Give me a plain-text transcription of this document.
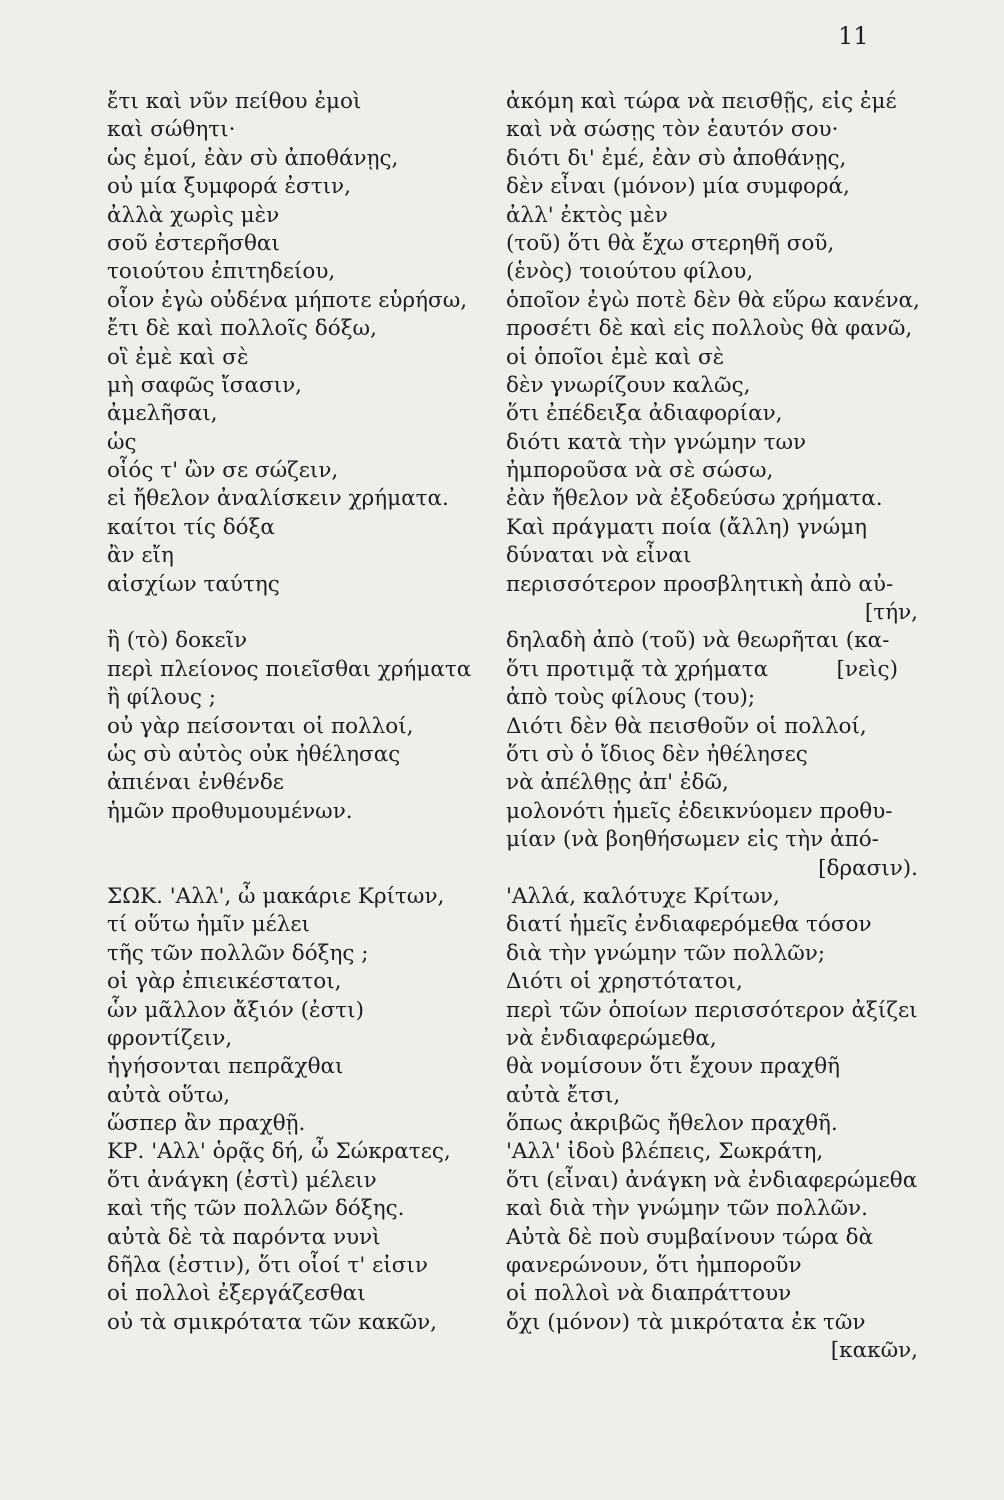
11
ἔτι καὶ νῦν πείθου ἐμοὶ
καὶ σώθητι·
ὡς ἐμοί, ἐὰν σὺ ἀποθάνῃς,
οὐ μία ξυμφορά ἐστιν,
ἀλλὰ χωρὶς μὲν
σοῦ ἐστερῆσθαι
τοιούτου ἐπιτηδείου,
οἷον ἐγὼ οὐδένα μήποτε εὑρήσω,
ἔτι δὲ καὶ πολλοῖς δόξω,
οἳ ἐμὲ καὶ σὲ
μὴ σαφῶς ἴσασιν,
ἀμελῆσαι,
ὡς
οἷός τ' ὢν σε σώζειν,
εἰ ἤθελον ἀναλίσκειν χρήματα.
καίτοι τίς δόξα
ἂν εἴη
αἰσχίων ταύτης
ἢ (τὸ) δοκεῖν
περὶ πλείονος ποιεῖσθαι χρήματα
ἢ φίλους ;
οὐ γὰρ πείσονται οἱ πολλοί,
ὡς σὺ αὐτὸς οὐκ ἠθέλησας
ἀπιέναι ἐνθένδε
ἡμῶν προθυμουμένων.
ΣΩΚ. 'Αλλ', ὦ μακάριε Κρίτων,
τί οὕτω ἡμῖν μέλει
τῆς τῶν πολλῶν δόξης ;
οἱ γὰρ ἐπιεικέστατοι,
ὧν μᾶλλον ἄξιόν (ἐστι)
φροντίζειν,
ἡγήσονται πεπρᾶχθαι
αὐτὰ οὕτω,
ὥσπερ ἂν πραχθῇ.
ΚΡ. 'Αλλ' ὁρᾷς δή, ὦ Σώκρατες,
ὅτι ἀνάγκη (ἐστὶ) μέλειν
καὶ τῆς τῶν πολλῶν δόξης.
αὐτὰ δὲ τὰ παρόντα νυνὶ
δῆλα (ἐστιν), ὅτι οἷοί τ' εἰσιν
οἱ πολλοὶ ἐξεργάζεσθαι
οὐ τὰ σμικρότατα τῶν κακῶν,
ἀκόμη καὶ τώρα νὰ πεισθῇς, εἰς ἐμέ
καὶ νὰ σώσῃς τὸν ἑαυτόν σου·
διότι δι' ἐμέ, ἐὰν σὺ ἀποθάνῃς,
δὲν εἶναι (μόνον) μία συμφορά,
ἀλλ' ἐκτὸς μὲν
(τοῦ) ὅτι θὰ ἔχω στερηθῆ σοῦ,
(ἑνὸς) τοιούτου φίλου,
ὁποῖον ἐγὼ ποτὲ δὲν θὰ εὕρω κανένα,
προσέτι δὲ καὶ εἰς πολλοὺς θὰ φανῶ,
οἱ ὁποῖοι ἐμὲ καὶ σὲ
δὲν γνωρίζουν καλῶς,
ὅτι ἐπέδειξα ἀδιαφορίαν,
διότι κατὰ τὴν γνώμην των
ἠμποροῦσα νὰ σὲ σώσω,
ἐὰν ἤθελον νὰ ἐξοδεύσω χρήματα.
Καὶ πράγματι ποία (ἄλλη) γνώμη
δύναται νὰ εἶναι
περισσότερον προσβλητικὴ ἀπὸ αὐ-
[τήν,
δηλαδὴ ἀπὸ (τοῦ) νὰ θεωρῆται (κα-
ὅτι προτιμᾷ τὰ χρήματα          [νεὶς)
ἀπὸ τοὺς φίλους (του);
Διότι δὲν θὰ πεισθοῦν οἱ πολλοί,
ὅτι σὺ ὁ ἴδιος δὲν ἠθέλησες
νὰ ἀπέλθῃς ἀπ' ἐδῶ,
μολονότι ἡμεῖς ἐδεικνύομεν προθυ-
μίαν (νὰ βοηθήσωμεν εἰς τὴν ἀπό-
[δρασιν).
'Αλλά, καλότυχε Κρίτων,
διατί ἡμεῖς ἐνδιαφερόμεθα τόσον
διὰ τὴν γνώμην τῶν πολλῶν;
Διότι οἱ χρηστότατοι,
περὶ τῶν ὁποίων περισσότερον ἀξίζει
νὰ ἐνδιαφερώμεθα,
θὰ νομίσουν ὅτι ἔχουν πραχθῆ
αὐτὰ ἔτσι,
ὅπως ἀκριβῶς ἤθελον πραχθῆ.
'Αλλ' ἰδοὺ βλέπεις, Σωκράτη,
ὅτι (εἶναι) ἀνάγκη νὰ ἐνδιαφερώμεθα
καὶ διὰ τὴν γνώμην τῶν πολλῶν.
Αὐτὰ δὲ ποὺ συμβαίνουν τώρα δὰ
φανερώνουν, ὅτι ἠμποροῦν
οἱ πολλοὶ νὰ διαπράττουν
ὄχι (μόνον) τὰ μικρότατα ἐκ τῶν
[κακῶν,
